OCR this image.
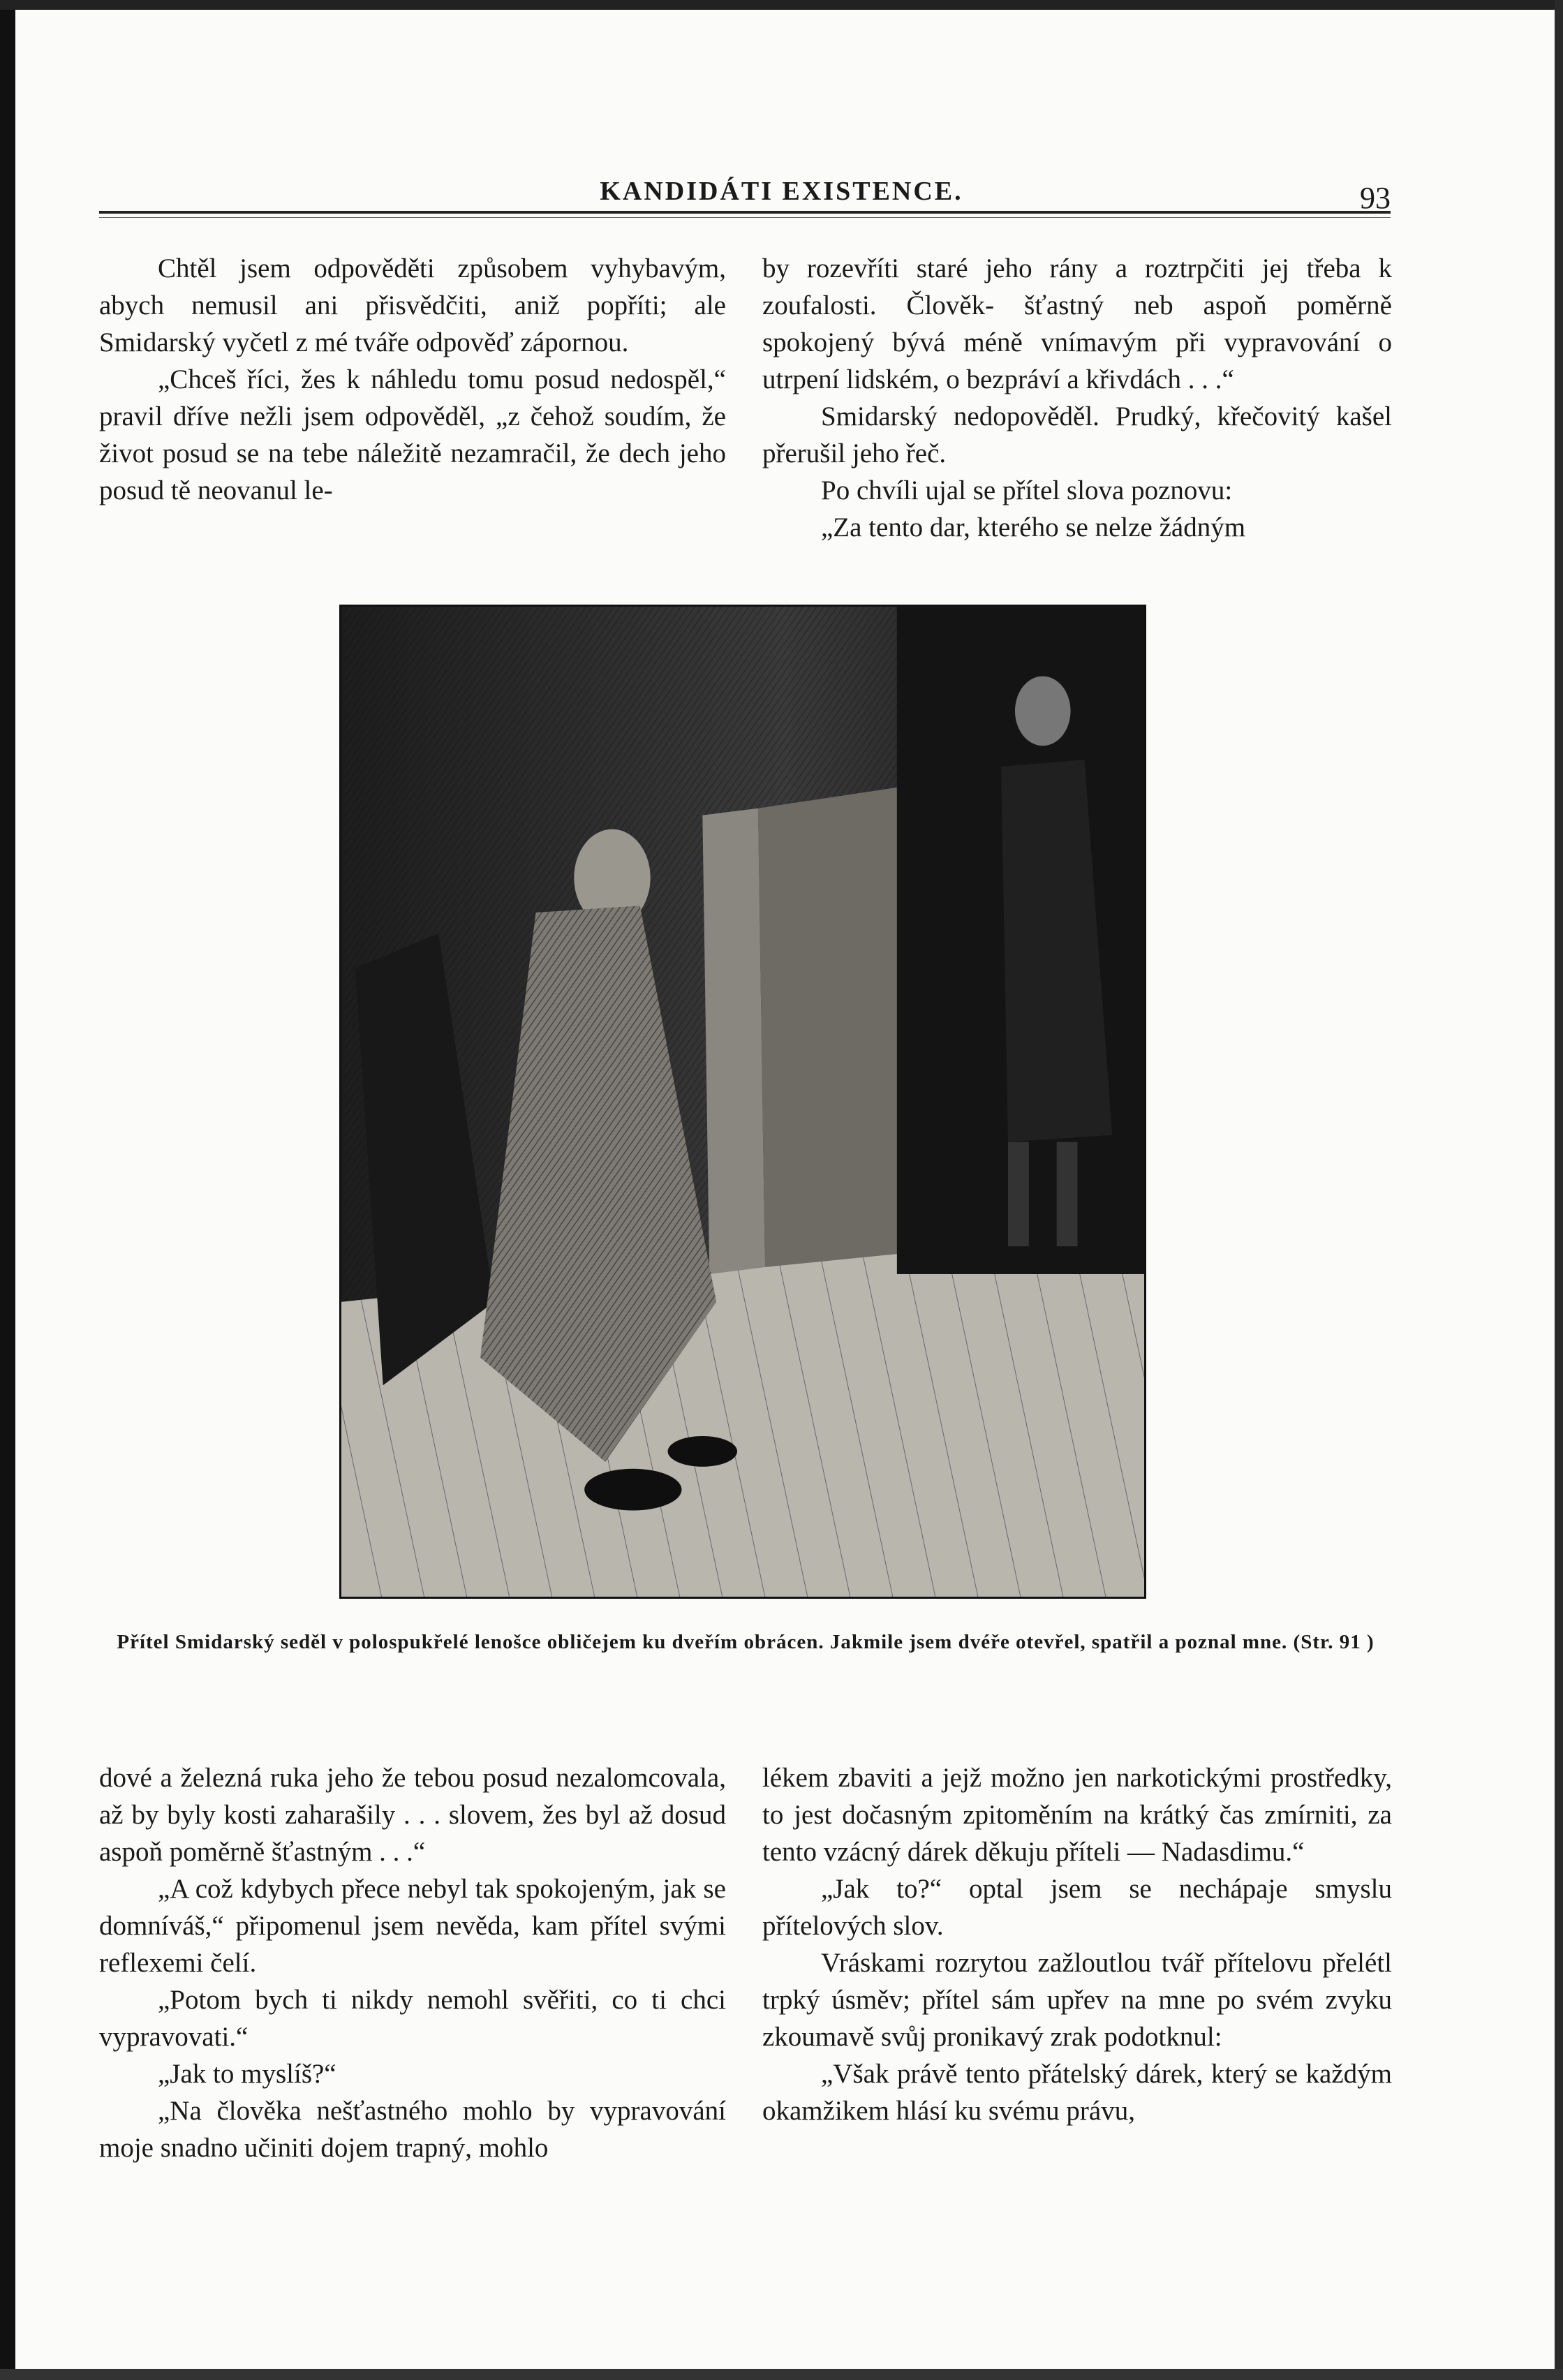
KANDIDÁTI EXISTENCE.	93

Chtěl jsem odpověděti způsobem vyhybavým, abych nemusil ani přisvědčiti, aniž popříti; ale Smidarský vyčetl z mé tváře odpověď zápornou.

„Chceš říci, žes k náhledu tomu posud nedospěl,“ pravil dříve nežli jsem odpověděl, „z čehož soudím, že život posud se na tebe náležitě nezamračil, že dech jeho posud tě neovanul le-

by rozevříti staré jeho rány a roztrpčiti jej třeba k zoufalosti. Člověk- šťastný neb aspoň poměrně spokojený bývá méně vnímavým při vypravování o utrpení lidském, o bezpráví a křivdách . . .“

Smidarský nedopověděl. Prudký, křečovitý kašel přerušil jeho řeč.

Po chvíli ujal se přítel slova poznovu:

„Za tento dar, kterého se nelze žádným

Přítel Smidarský seděl v polospukřelé lenošce obličejem ku dveřím obrácen. Jakmile jsem dvéře otevřel, spatřil a poznal mne. (Str. 91 )

dové a železná ruka jeho že tebou posud nezalomcovala, až by byly kosti zaharašily . . . slovem, žes byl až dosud aspoň poměrně šťastným . . .“

„A což kdybych přece nebyl tak spokojeným, jak se domníváš,“ připomenul jsem nevěda, kam přítel svými reflexemi čelí.

„Potom bych ti nikdy nemohl svěřiti, co ti chci vypravovati.“

„Jak to myslíš?“

„Na člověka nešťastného mohlo by vypravování moje snadno učiniti dojem trapný, mohlo

lékem zbaviti a jejž možno jen narkotickými prostředky, to jest dočasným zpitoměním na krátký čas zmírniti, za tento vzácný dárek děkuju příteli — Nadasdimu.“

„Jak to?“ optal jsem se nechápaje smyslu přítelových slov.

Vráskami rozrytou zažloutlou tvář přítelovu přelétl trpký úsměv; přítel sám upřev na mne po svém zvyku zkoumavě svůj pronikavý zrak podotknul:

„Však právě tento přátelský dárek, který se každým okamžikem hlásí ku svému právu,
